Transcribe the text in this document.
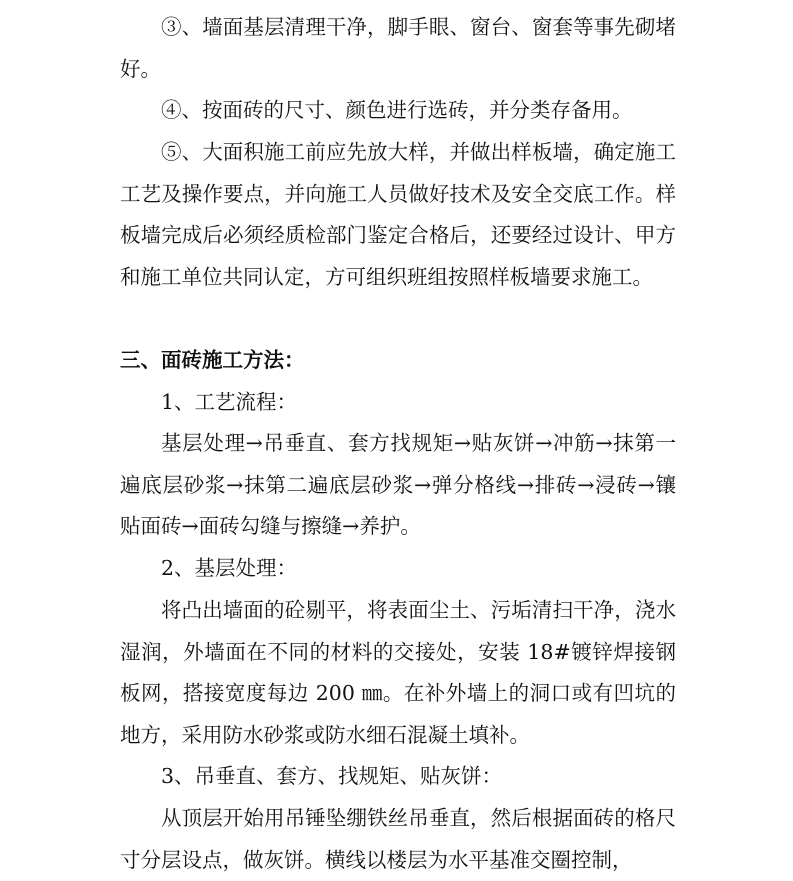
③、墙面基层清理干净，脚手眼、窗台、窗套等事先砌堵好。

④、按面砖的尺寸、颜色进行选砖，并分类存备用。

⑤、大面积施工前应先放大样，并做出样板墙，确定施工工艺及操作要点，并向施工人员做好技术及安全交底工作。样板墙完成后必须经质检部门鉴定合格后，还要经过设计、甲方和施工单位共同认定，方可组织班组按照样板墙要求施工。

三、面砖施工方法：

1、工艺流程：

基层处理→吊垂直、套方找规矩→贴灰饼→冲筋→抹第一遍底层砂浆→抹第二遍底层砂浆→弹分格线→排砖→浸砖→镶贴面砖→面砖勾缝与擦缝→养护。

2、基层处理：

将凸出墙面的砼剔平，将表面尘土、污垢清扫干净，浇水湿润，外墙面在不同的材料的交接处，安装 18#镀锌焊接钢板网，搭接宽度每边 200 ㎜。在补外墙上的洞口或有凹坑的地方，采用防水砂浆或防水细石混凝土填补。

3、吊垂直、套方、找规矩、贴灰饼：

从顶层开始用吊锤坠绷铁丝吊垂直，然后根据面砖的格尺寸分层设点，做灰饼。横线以楼层为水平基准交圈控制，
